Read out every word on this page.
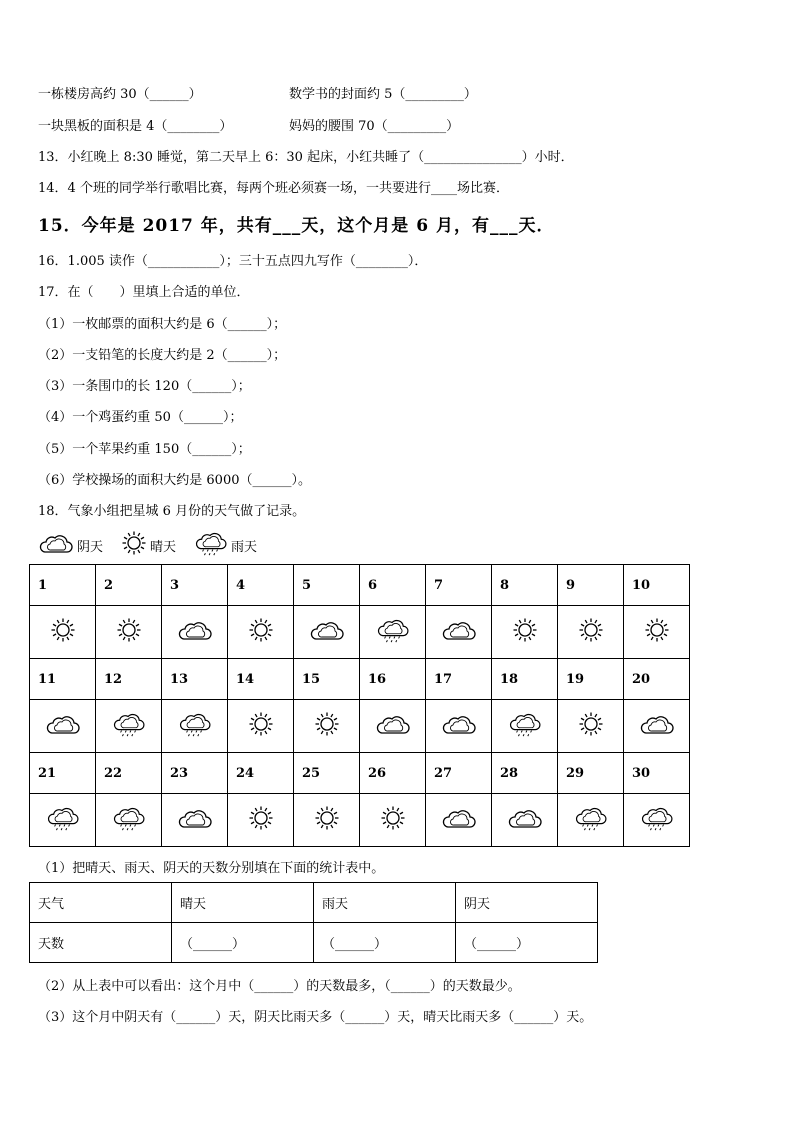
一栋楼房高约 30（______）	数学书的封面约 5（_________）
一块黑板的面积是 4（________）	妈妈的腰围 70（_________）
13．小红晚上 8:30 睡觉，第二天早上 6：30 起床，小红共睡了（_______________）小时．
14．4 个班的同学举行歌唱比赛，每两个班必须赛一场，一共要进行____场比赛．
15．今年是 2017 年，共有___天，这个月是 6 月，有___天．
16．1.005 读作（___________）；三十五点四九写作（________）．
17．在（　　）里填上合适的单位．
（1）一枚邮票的面积大约是 6（______）；
（2）一支铅笔的长度大约是 2（______）；
（3）一条围巾的长 120（______）；
（4）一个鸡蛋约重 50（______）；
（5）一个苹果约重 150（______）；
（6）学校操场的面积大约是 6000（______）。
18．气象小组把星城 6 月份的天气做了记录。
阴天	晴天	雨天
1	2	3	4	5	6	7	8	9	10

11	12	13	14	15	16	17	18	19	20

21	22	23	24	25	26	27	28	29	30

（1）把晴天、雨天、阴天的天数分别填在下面的统计表中。
天气	晴天	雨天	阴天
天数	（______）	（______）	（______）
（2）从上表中可以看出：这个月中（______）的天数最多，（______）的天数最少。
（3）这个月中阴天有（______）天，阴天比雨天多（______）天，晴天比雨天多（______）天。
